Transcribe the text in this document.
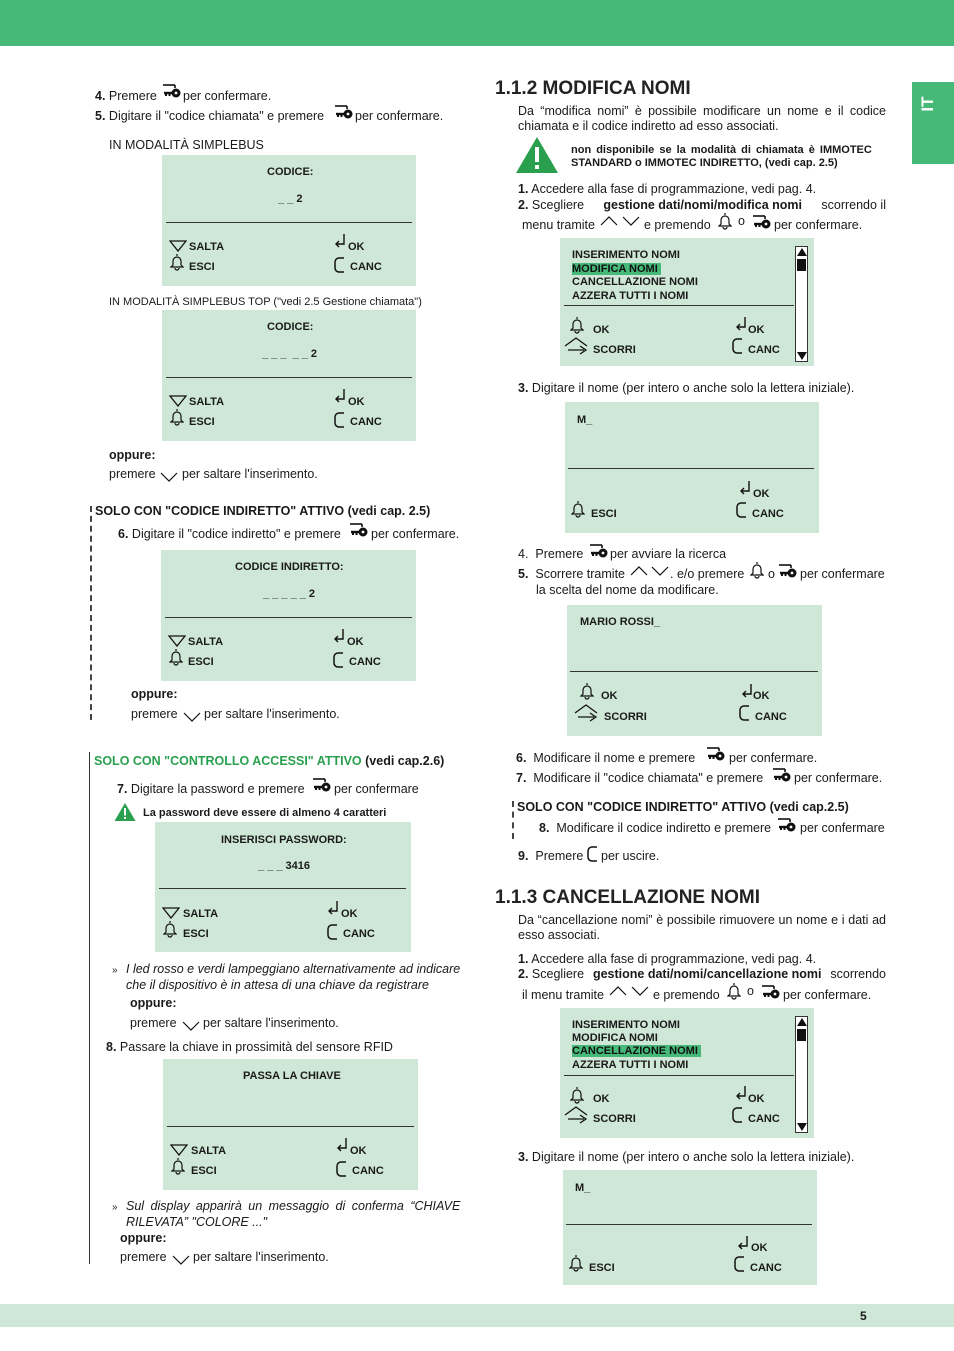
IT
5
4. Premere per confermare.
5. Digitare il "codice chiamata" e premere per confermare.
IN MODALITÀ SIMPLEBUS
CODICE:
_ _ 2
SALTA
ESCI
OK
CANC
IN MODALITÀ SIMPLEBUS TOP ("vedi 2.5 Gestione chiamata")
CODICE:
_ _ _  _ _ 2
SALTA
ESCI
OK
CANC
oppure:
premere per saltare l'inserimento.
SOLO CON "CODICE INDIRETTO" ATTIVO (vedi cap. 2.5)
6. Digitare il "codice indiretto" e premere per confermare.
CODICE INDIRETTO:
_ _ _ _ _ 2
SALTA
ESCI
OK
CANC
oppure:
premere per saltare l'inserimento.
SOLO CON "CONTROLLO ACCESSI" ATTIVO (vedi cap.2.6)
7. Digitare la password e premere per confermare
La password deve essere di almeno 4 caratteri
INSERISCI PASSWORD:
_ _ _ 3416
SALTA
ESCI
OK
CANC
» I led rosso e verdi lampeggiano alternativamente ad indicare
che il dispositivo è in attesa di una chiave da registrare
oppure:
premere per saltare l'inserimento.
8. Passare la chiave in prossimità del sensore RFID
PASSA LA CHIAVE
SALTA
ESCI
OK
CANC
» Sul display apparirà un messaggio di conferma “CHIAVE
RILEVATA” "COLORE ..."
oppure:
premere per saltare l'inserimento.
1.1.2 MODIFICA NOMI
Da “modifica nomi” è possibile modificare un nome e il codice chiamata e il codice indiretto ad esso associati.
non disponibile se la modalità di chiamata è IMMOTEC
STANDARD o IMMOTEC INDIRETTO, (vedi cap. 2.5)
1. Accedere alla fase di programmazione, vedi pag. 4.
2. Scegliere gestione dati/nomi/modifica nomi scorrendo il
menu tramite	e premendo o per confermare.
INSERIMENTO NOMI
MODIFICA NOMI
CANCELLAZIONE NOMI
AZZERA TUTTI I NOMI
OK
SCORRI
OK
CANC
3. Digitare il nome (per intero o anche solo la lettera iniziale).
M_
ESCI
OK
CANC
4. Premere per avviare la ricerca
5. Scorrere tramite	. e/o premere o per confermare
la scelta del nome da modificare.
MARIO ROSSI_
OK
SCORRI
OK
CANC
6. Modificare il nome e premere	per confermare.
7. Modificare il "codice chiamata" e premere per confermare.
SOLO CON "CODICE INDIRETTO" ATTIVO (vedi cap.2.5)
8. Modificare il codice indiretto e premere per confermare
9. Premere per uscire.
1.1.3 CANCELLAZIONE NOMI
Da “cancellazione nomi” è possibile rimuovere un nome e i dati ad esso associati.
1. Accedere alla fase di programmazione, vedi pag. 4.
2. Scegliere gestione dati/nomi/cancellazione nomi scorrendo
il menu tramite	e premendo o per confermare.
INSERIMENTO NOMI
MODIFICA NOMI
CANCELLAZIONE NOMI
AZZERA TUTTI I NOMI
OK
SCORRI
OK
CANC
3. Digitare il nome (per intero o anche solo la lettera iniziale).
M_
ESCI
OK
CANC
